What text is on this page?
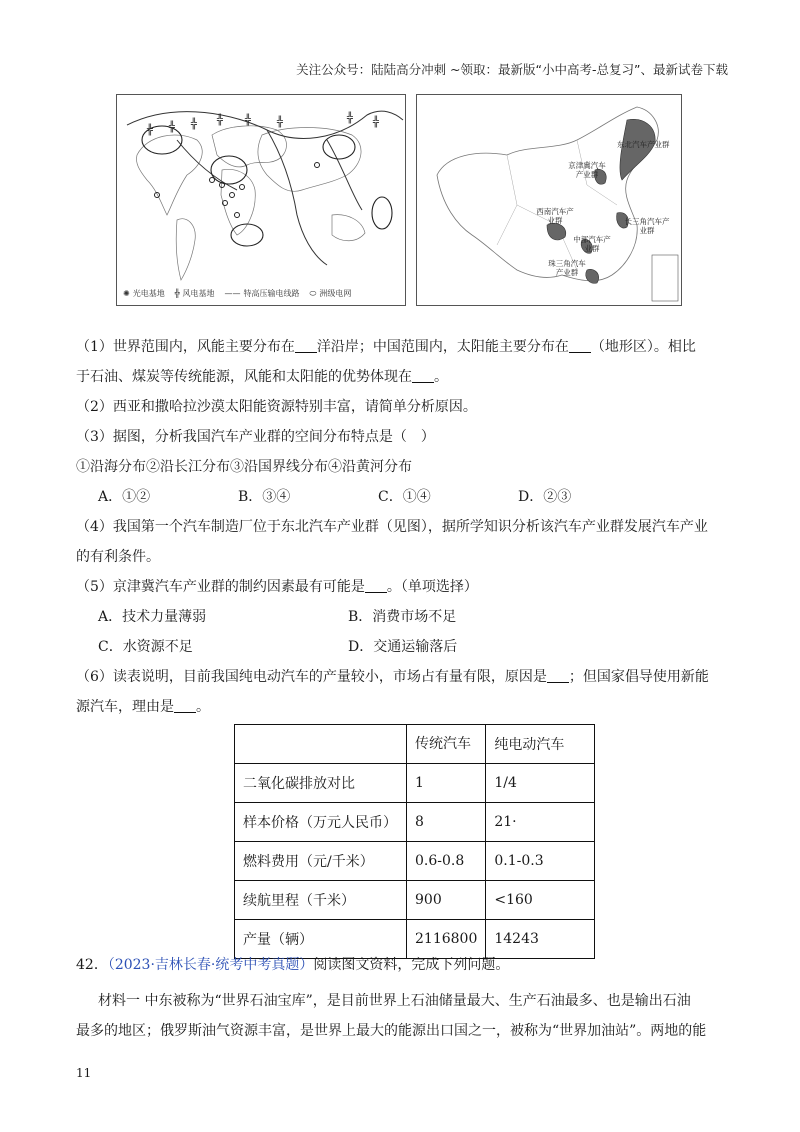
关注公众号：陆陆高分冲刺 ~领取：最新版“小中高考-总复习”、最新试卷下载
╬ ╬ ╬ ╬ ╬	╬	╬ ╬
✺ 光电基地 ╬ 风电基地 —— 特高压输电线路 ⬭ 洲级电网
东北汽车产业群
京津冀汽车产业群
西南汽车产业群	长三角汽车产业群
中部汽车产业群
珠三角汽车产业群
（1）世界范围内，风能主要分布在 洋沿岸；中国范围内，太阳能主要分布在 （地形区）。相比
于石油、煤炭等传统能源，风能和太阳能的优势体现在 。
（2）西亚和撒哈拉沙漠太阳能资源特别丰富，请简单分析原因。
（3）据图，分析我国汽车产业群的空间分布特点是（　）
①沿海分布②沿长江分布③沿国界线分布④沿黄河分布
A．①②	B．③④	C．①④	D．②③
（4）我国第一个汽车制造厂位于东北汽车产业群（见图），据所学知识分析该汽车产业群发展汽车产业
的有利条件。
（5）京津冀汽车产业群的制约因素最有可能是 。（单项选择）
A．技术力量薄弱	B．消费市场不足
C．水资源不足	D．交通运输落后
（6）读表说明，目前我国纯电动汽车的产量较小，市场占有量有限，原因是 ；但国家倡导使用新能
源汽车，理由是 。
	传统汽车	纯电动汽车
二氧化碳排放对比	1	1/4
样本价格（万元人民币）	8	21·
燃料费用（元/千米）	0.6-0.8	0.1-0.3
续航里程（千米）	900	<160
产量（辆）	2116800	14243
42．（2023·吉林长春·统考中考真题）阅读图文资料，完成下列问题。
材料一 中东被称为“世界石油宝库”，是目前世界上石油储量最大、生产石油最多、也是输出石油
最多的地区；俄罗斯油气资源丰富，是世界上最大的能源出口国之一，被称为“世界加油站”。两地的能
11
